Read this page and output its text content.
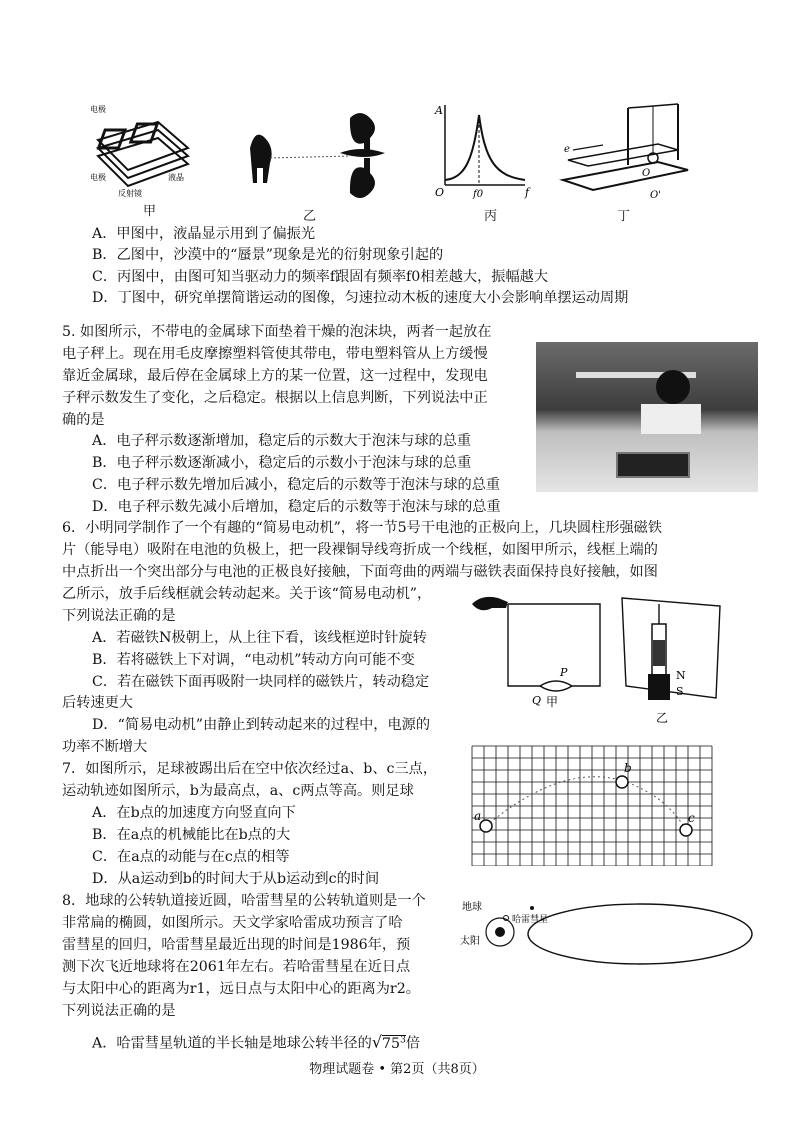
电极
电极	液晶
反射镜
A
f
O	f0
e
O
O'
甲	乙	丙	丁
A．甲图中，液晶显示用到了偏振光
B．乙图中，沙漠中的“蜃景”现象是光的衍射现象引起的
C．丙图中，由图可知当驱动力的频率f跟固有频率f0相差越大，振幅越大
D．丁图中，研究单摆简谐运动的图像，匀速拉动木板的速度大小会影响单摆运动周期
5. 如图所示，不带电的金属球下面垫着干燥的泡沫块，两者一起放在
电子秤上。现在用毛皮摩擦塑料管使其带电，带电塑料管从上方缓慢
靠近金属球，最后停在金属球上方的某一位置，这一过程中，发现电
子秤示数发生了变化，之后稳定。根据以上信息判断，下列说法中正
确的是
A．电子秤示数逐渐增加，稳定后的示数大于泡沫与球的总重
B．电子秤示数逐渐减小，稳定后的示数小于泡沫与球的总重
C．电子秤示数先增加后减小，稳定后的示数等于泡沫与球的总重
D．电子秤示数先减小后增加，稳定后的示数等于泡沫与球的总重
6．小明同学制作了一个有趣的“简易电动机”，将一节5号干电池的正极向上，几块圆柱形强磁铁
片（能导电）吸附在电池的负极上，把一段裸铜导线弯折成一个线框，如图甲所示，线框上端的
中点折出一个突出部分与电池的正极良好接触，下面弯曲的两端与磁铁表面保持良好接触，如图
乙所示，放手后线框就会转动起来。关于该“简易电动机”，
下列说法正确的是
A．若磁铁N极朝上，从上往下看，该线框逆时针旋转
B．若将磁铁上下对调，“电动机”转动方向可能不变
C．若在磁铁下面再吸附一块同样的磁铁片，转动稳定
后转速更大
D．“简易电动机”由静止到转动起来的过程中，电源的
功率不断增大
P
Q 甲
N
S
乙
7．如图所示，足球被踢出后在空中依次经过a、b、c三点，
运动轨迹如图所示，b为最高点，a、c两点等高。则足球
A．在b点的加速度方向竖直向下
B．在a点的机械能比在b点的大
C．在a点的动能与在c点的相等
D．从a运动到b的时间大于从b运动到c的时间
a
b
c
8．地球的公转轨道接近圆，哈雷彗星的公转轨道则是一个
非常扁的椭圆，如图所示。天文学家哈雷成功预言了哈
雷彗星的回归，哈雷彗星最近出现的时间是1986年，预
测下次飞近地球将在2061年左右。若哈雷彗星在近日点
与太阳中心的距离为r1，远日点与太阳中心的距离为r2。
下列说法正确的是
A．哈雷彗星轨道的半长轴是地球公转半径的$√75^3$倍
地球
哈雷彗星
太阳
物理试题卷 • 第2页（共8页）
